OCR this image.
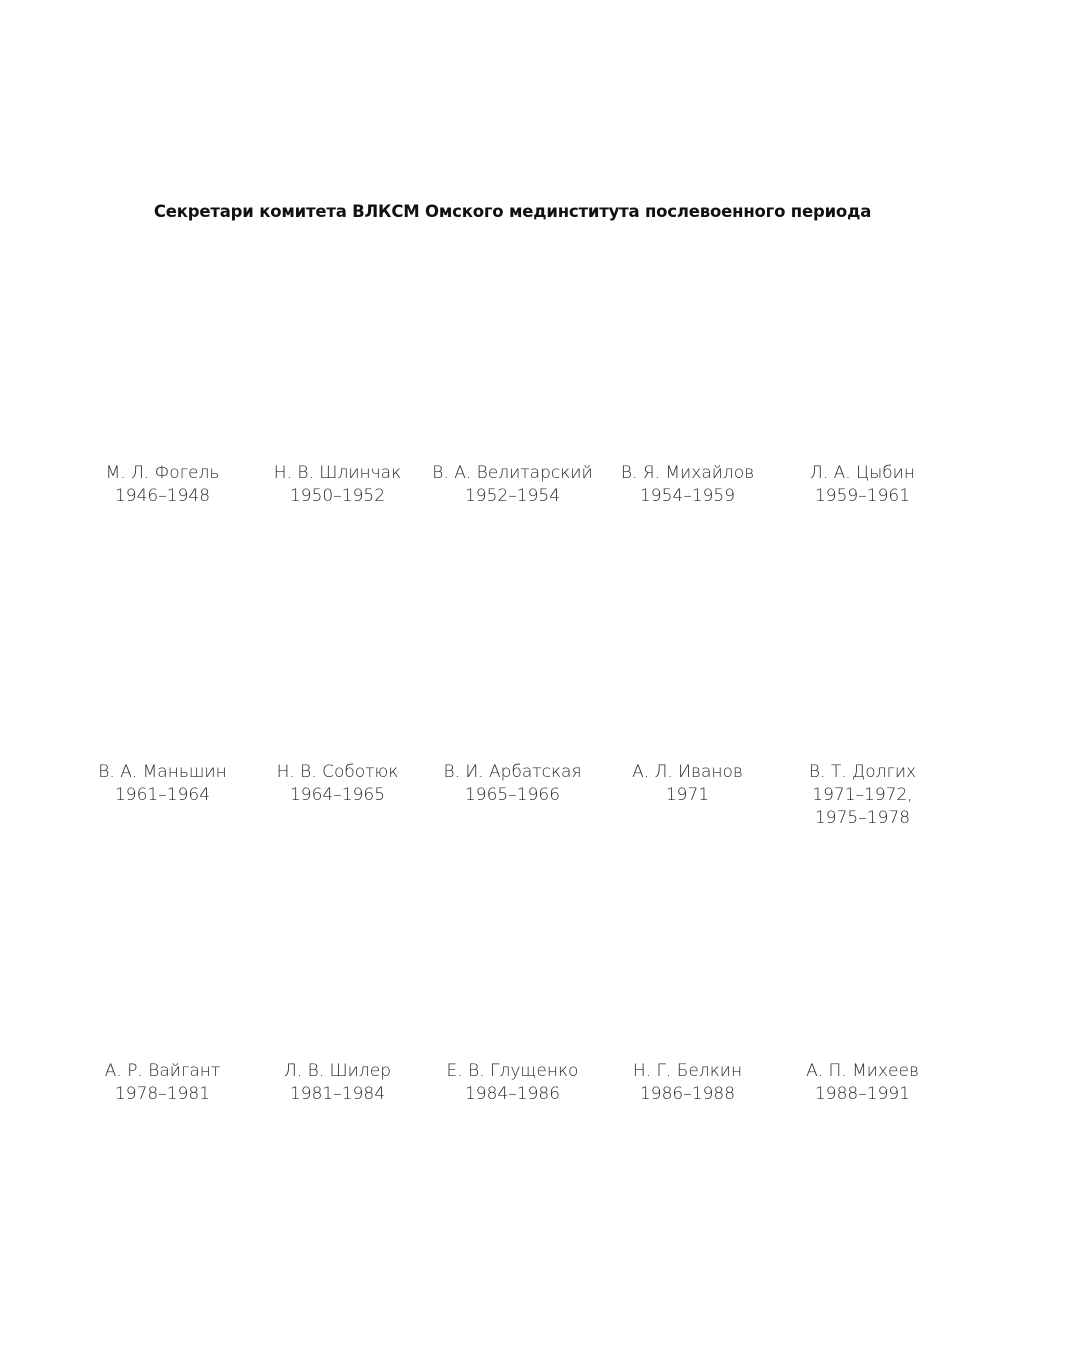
Секретари комитета ВЛКСМ Омского мединститута послевоенного периода
М. Л. Фогель
1946–1948
Н. В. Шлинчак
1950–1952
В. А. Велитарский
1952–1954
В. Я. Михайлов
1954–1959
Л. А. Цыбин
1959–1961
В. А. Маньшин
1961–1964
Н. В. Соботюк
1964–1965
В. И. Арбатская
1965–1966
А. Л. Иванов
1971
В. Т. Долгих
1971–1972,
1975–1978
А. Р. Вайгант
1978–1981
Л. В. Шилер
1981–1984
Е. В. Глущенко
1984–1986
Н. Г. Белкин
1986–1988
А. П. Михеев
1988–1991
